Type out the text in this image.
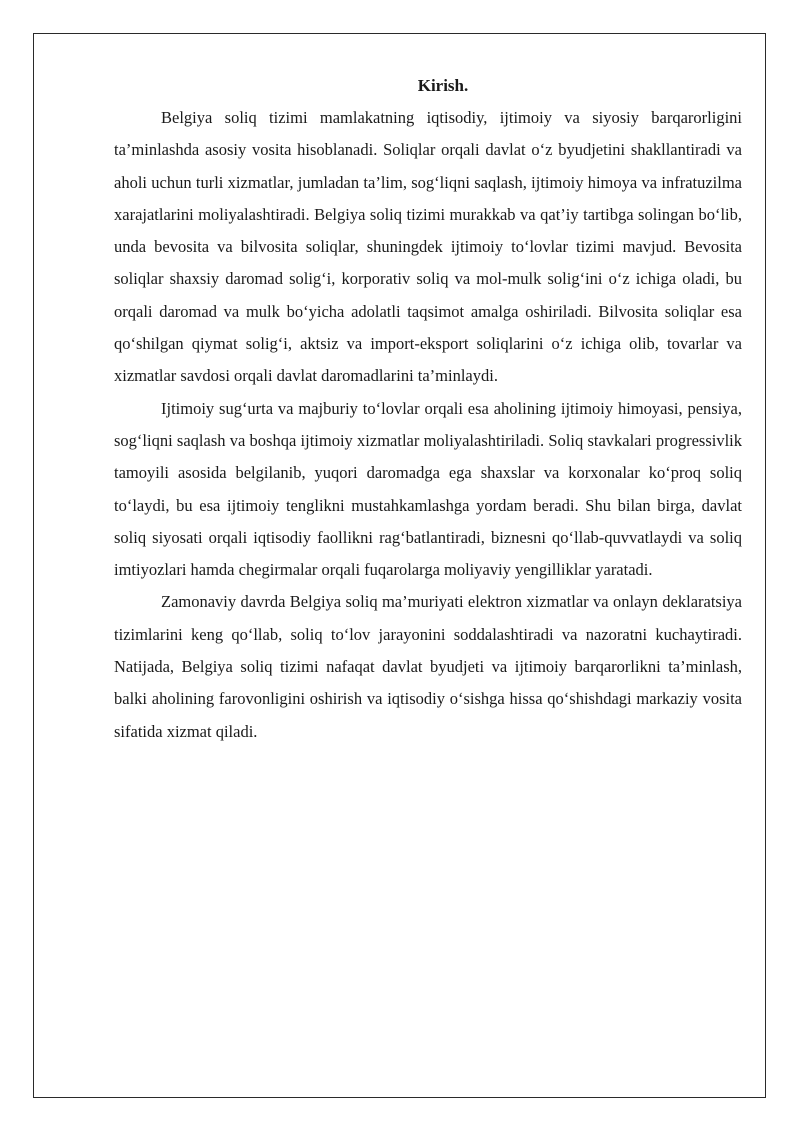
Kirish.

Belgiya soliq tizimi mamlakatning iqtisodiy, ijtimoiy va siyosiy barqarorligini ta’minlashda asosiy vosita hisoblanadi. Soliqlar orqali davlat o‘z byudjetini shakllantiradi va aholi uchun turli xizmatlar, jumladan ta’lim, sog‘liqni saqlash, ijtimoiy himoya va infratuzilma xarajatlarini moliyalashtiradi. Belgiya soliq tizimi murakkab va qat’iy tartibga solingan bo‘lib, unda bevosita va bilvosita soliqlar, shuningdek ijtimoiy to‘lovlar tizimi mavjud. Bevosita soliqlar shaxsiy daromad solig‘i, korporativ soliq va mol-mulk solig‘ini o‘z ichiga oladi, bu orqali daromad va mulk bo‘yicha adolatli taqsimot amalga oshiriladi. Bilvosita soliqlar esa qo‘shilgan qiymat solig‘i, aktsiz va import-eksport soliqlarini o‘z ichiga olib, tovarlar va xizmatlar savdosi orqali davlat daromadlarini ta’minlaydi.

Ijtimoiy sug‘urta va majburiy to‘lovlar orqali esa aholining ijtimoiy himoyasi, pensiya, sog‘liqni saqlash va boshqa ijtimoiy xizmatlar moliyalashtiriladi. Soliq stavkalari progressivlik tamoyili asosida belgilanib, yuqori daromadga ega shaxslar va korxonalar ko‘proq soliq to‘laydi, bu esa ijtimoiy tenglikni mustahkamlashga yordam beradi. Shu bilan birga, davlat soliq siyosati orqali iqtisodiy faollikni rag‘batlantiradi, biznesni qo‘llab-quvvatlaydi va soliq imtiyozlari hamda chegirmalar orqali fuqarolarga moliyaviy yengilliklar yaratadi.

Zamonaviy davrda Belgiya soliq ma’muriyati elektron xizmatlar va onlayn deklaratsiya tizimlarini keng qo‘llab, soliq to‘lov jarayonini soddalashtiradi va nazoratni kuchaytiradi. Natijada, Belgiya soliq tizimi nafaqat davlat byudjeti va ijtimoiy barqarorlikni ta’minlash, balki aholining farovonligini oshirish va iqtisodiy o‘sishga hissa qo‘shishdagi markaziy vosita sifatida xizmat qiladi.
